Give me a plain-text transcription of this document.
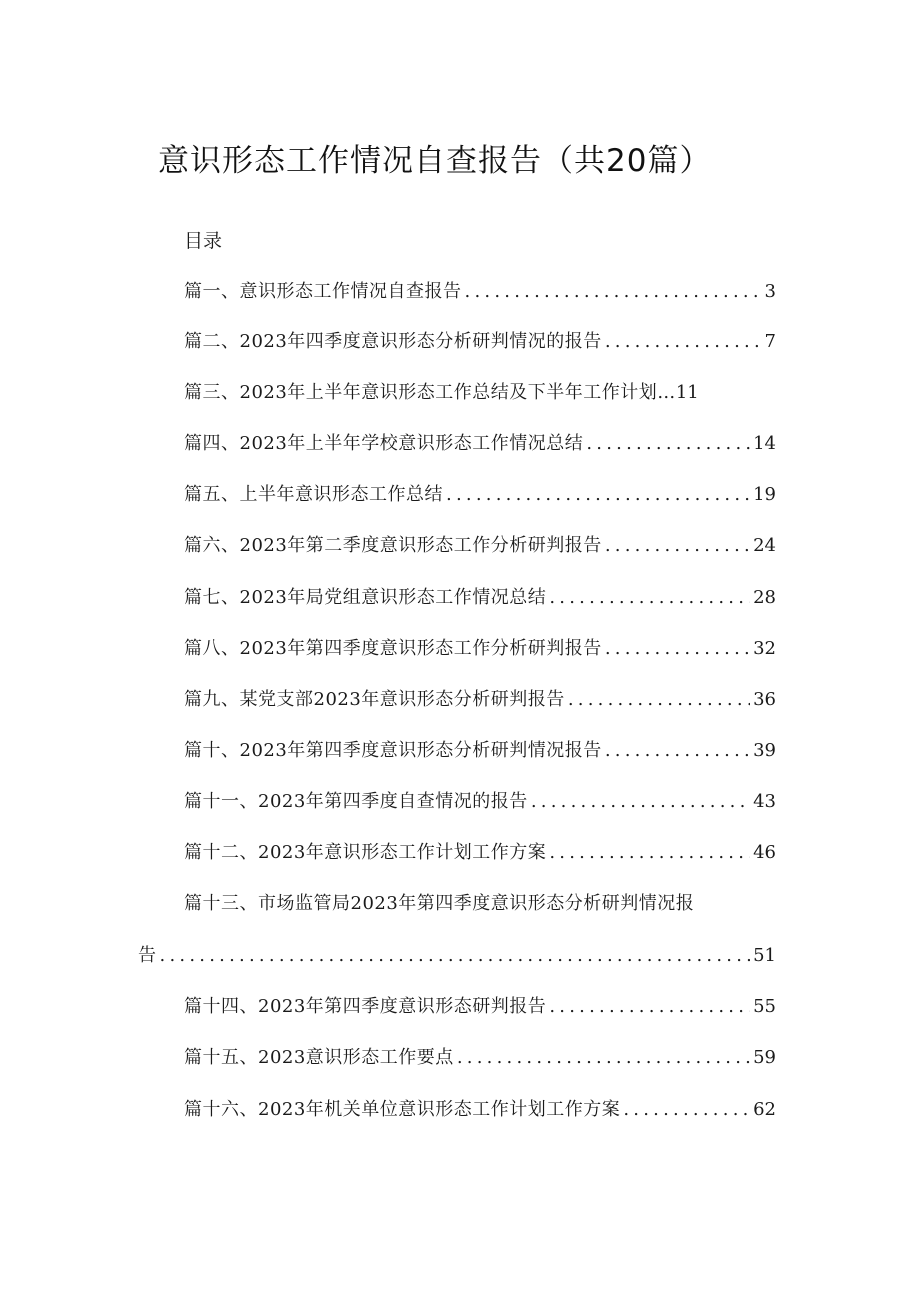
意识形态工作情况自查报告（共20篇）
目录
篇一、意识形态工作情况自查报告 . . .	3
篇二、2023年四季度意识形态分析研判情况的报告 . . .	7
篇三、2023年上半年意识形态工作总结及下半年工作计划… 11
篇四、2023年上半年学校意识形态工作情况总结 . . .	14
篇五、上半年意识形态工作总结 . . .	19
篇六、2023年第二季度意识形态工作分析研判报告 . . .	24
篇七、2023年局党组意识形态工作情况总结 . . .	28
篇八、2023年第四季度意识形态工作分析研判报告 . . .	32
篇九、某党支部2023年意识形态分析研判报告 . . .	36
篇十、2023年第四季度意识形态分析研判情况报告 . . .	39
篇十一、2023年第四季度自查情况的报告 . . .	43
篇十二、2023年意识形态工作计划工作方案 . . .	46
篇十三、市场监管局2023年第四季度意识形态分析研判情况报
告 . . .	51
篇十四、2023年第四季度意识形态研判报告 . . .	55
篇十五、2023意识形态工作要点 . . .	59
篇十六、2023年机关单位意识形态工作计划工作方案 . . .	62
